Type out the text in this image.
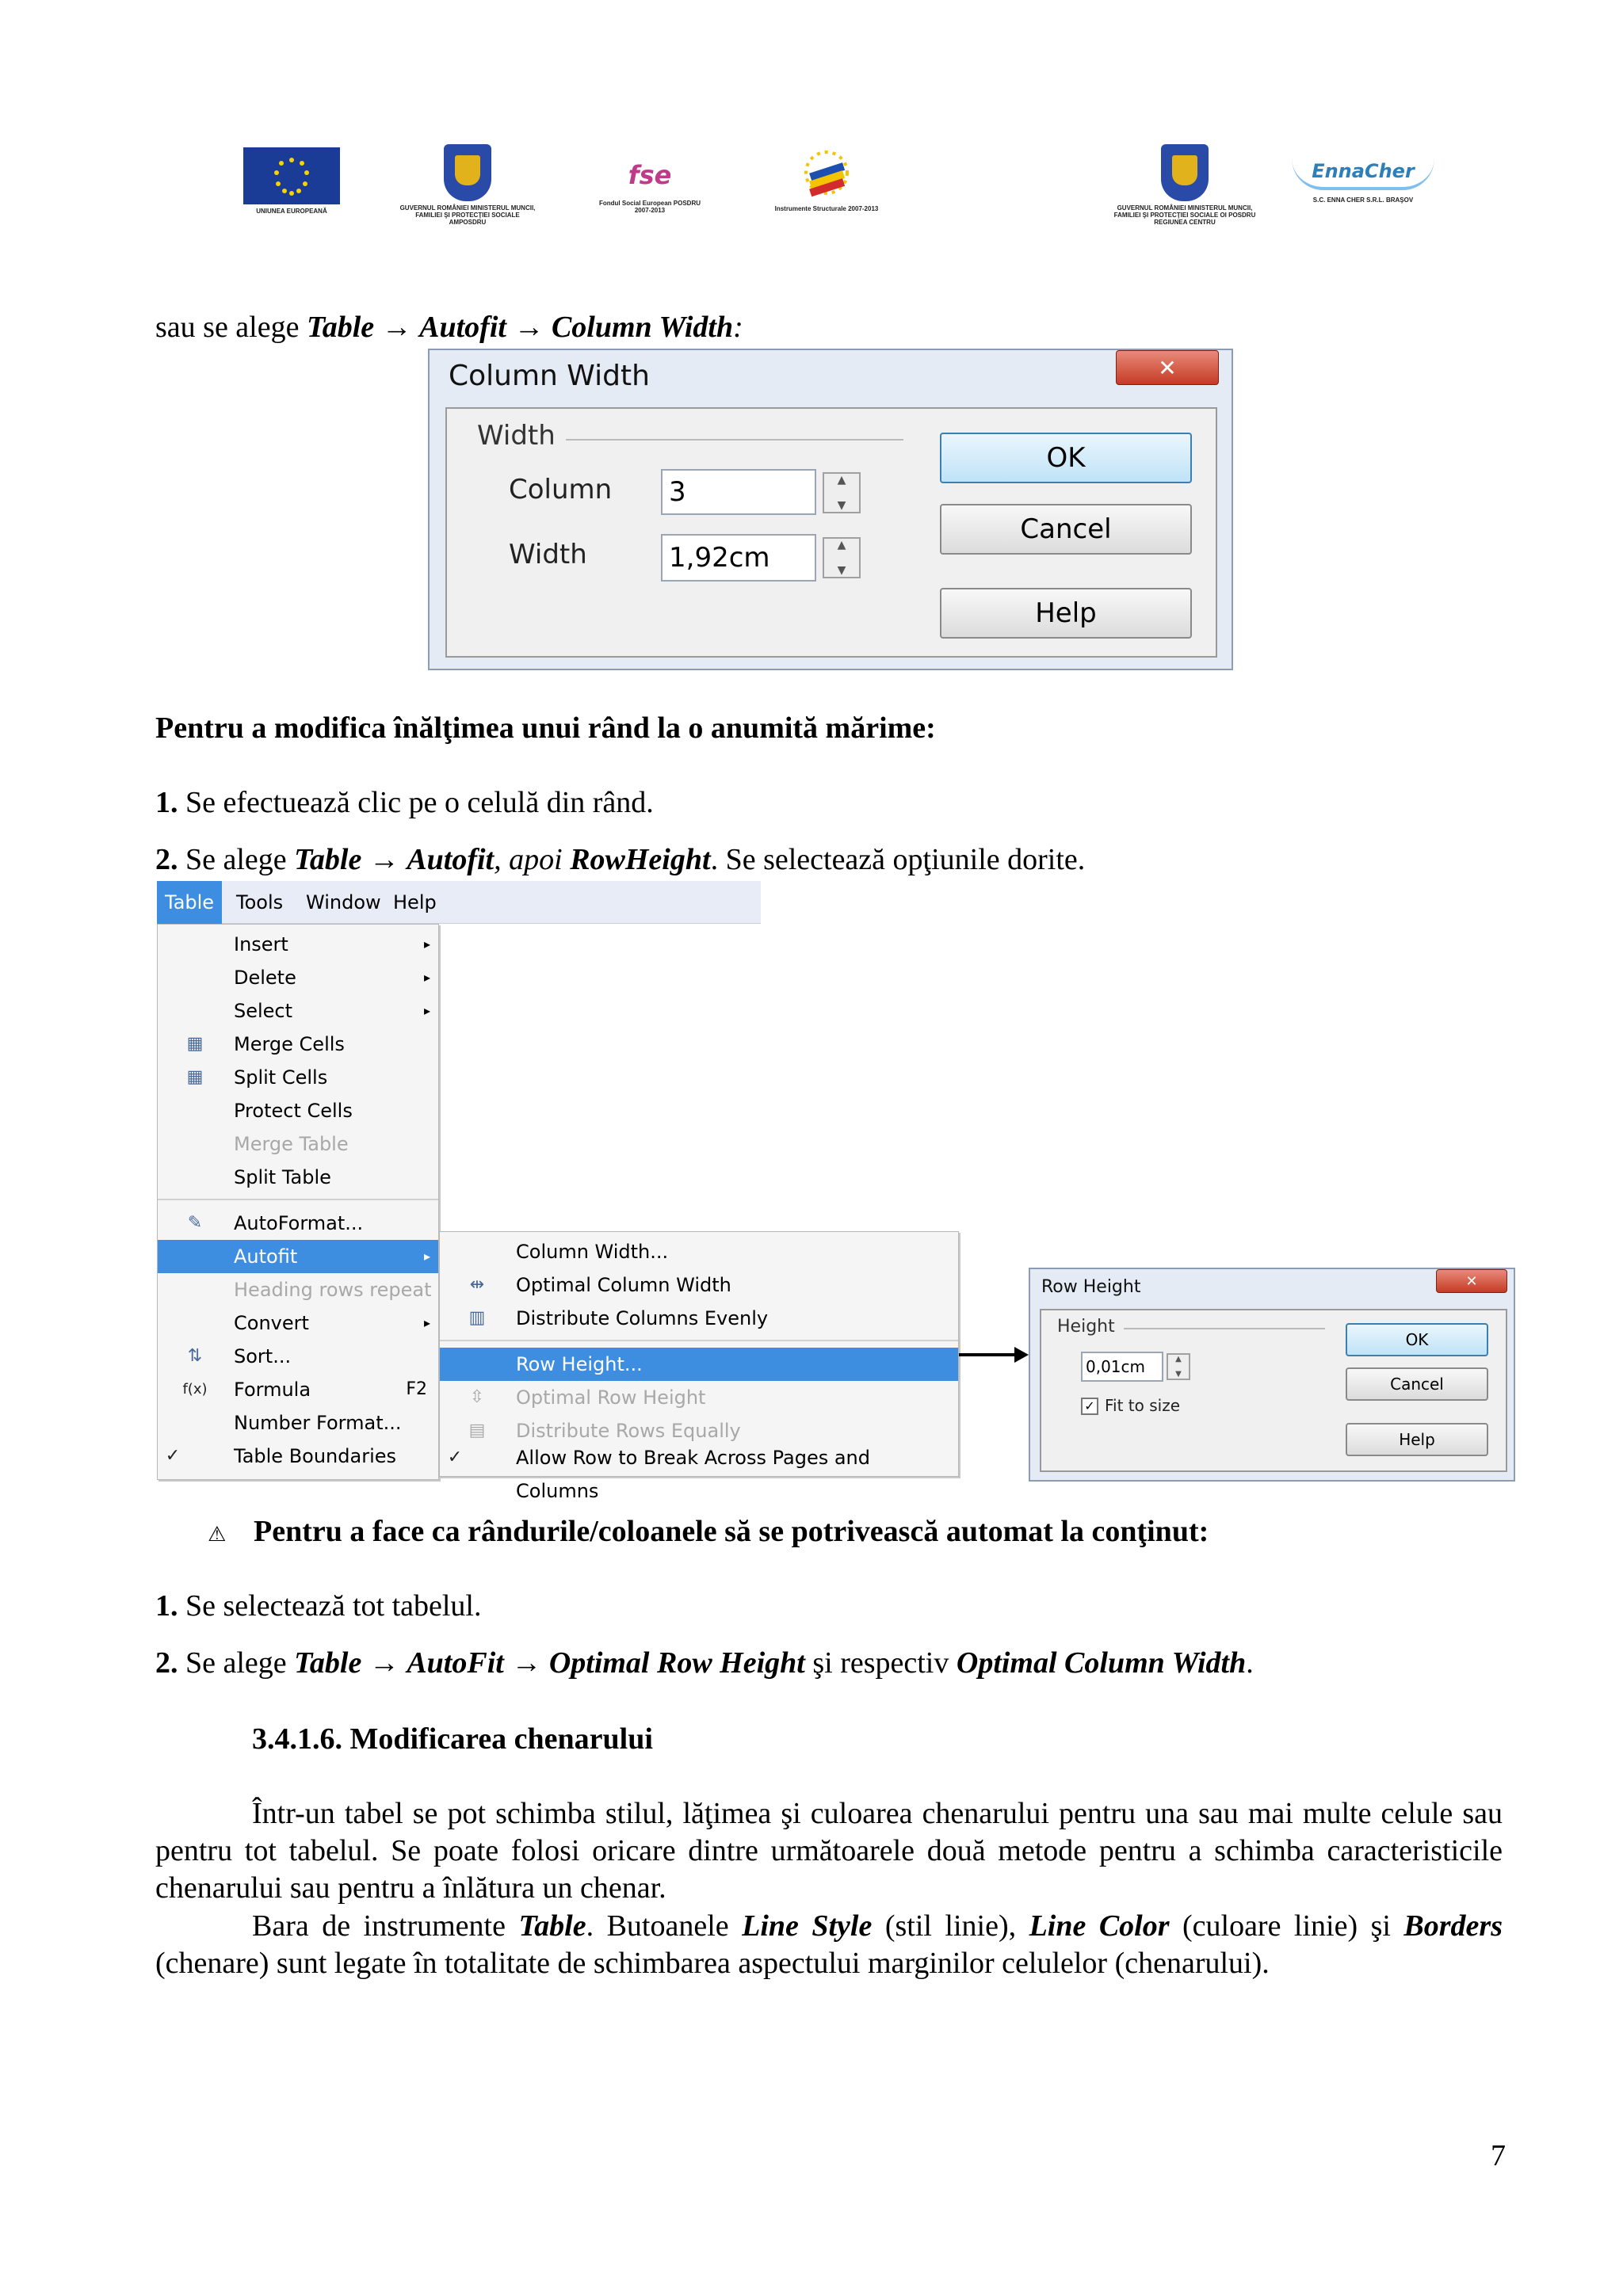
UNIUNEA EUROPEANĂ	GUVERNUL ROMÂNIEI MINISTERUL MUNCII, FAMILIEI ŞI PROTECŢIEI SOCIALE AMPOSDRU
fse
Fondul Social European POSDRU 2007-2013	Instrumente Structurale 2007-2013	GUVERNUL ROMÂNIEI MINISTERUL MUNCII, FAMILIEI ŞI PROTECŢIEI SOCIALE OI POSDRU REGIUNEA CENTRU
EnnaCher
S.C. ENNA CHER S.R.L. BRAŞOV
sau se alege Table → Autofit → Column Width:
Column Width	✕
Width
Column 3
▲ ▼
Width	1,92cm
▲ ▼
OK
Cancel
Help
Pentru a modifica înălţimea unui rând la o anumită mărime:
1. Se efectuează clic pe o celulă din rând.
2. Se alege Table → Autofit, apoi RowHeight. Se selectează opţiunile dorite.
Table	Tools	Window Help
Insert	▸
Delete	▸
Select	▸
▦ Merge Cells
▦ Split Cells
Protect Cells
Merge Table
Split Table
✎	AutoFormat...
Autofit	▸
Heading rows repeat
Convert	▸
⇅	Sort...
f(x) Formula	F2
Number Format...
✓	Table Boundaries
Column Width...
⇹	Optimal Column Width
▥ Distribute Columns Evenly
Row Height...
⇳	Optimal Row Height
▤ Distribute Rows Equally
✓	Allow Row to Break Across Pages and Columns
Row Height	✕
Height
0,01cm
▲ ▼
✓ Fit to size
OK
Cancel
Help
⚠ Pentru a face ca rândurile/coloanele să se potrivească automat la conţinut:
1. Se selectează tot tabelul.
2. Se alege Table → AutoFit → Optimal Row Height şi respectiv Optimal Column Width.
3.4.1.6. Modificarea chenarului
Într-un tabel se pot schimba stilul, lăţimea şi culoarea chenarului pentru una sau mai multe celule sau pentru tot tabelul. Se poate folosi oricare dintre următoarele două metode pentru a schimba caracteristicile chenarului sau pentru a înlătura un chenar.
Bara de instrumente Table. Butoanele Line Style (stil linie), Line Color (culoare linie) şi Borders (chenare) sunt legate în totalitate de schimbarea aspectului marginilor celulelor (chenarului).
7
